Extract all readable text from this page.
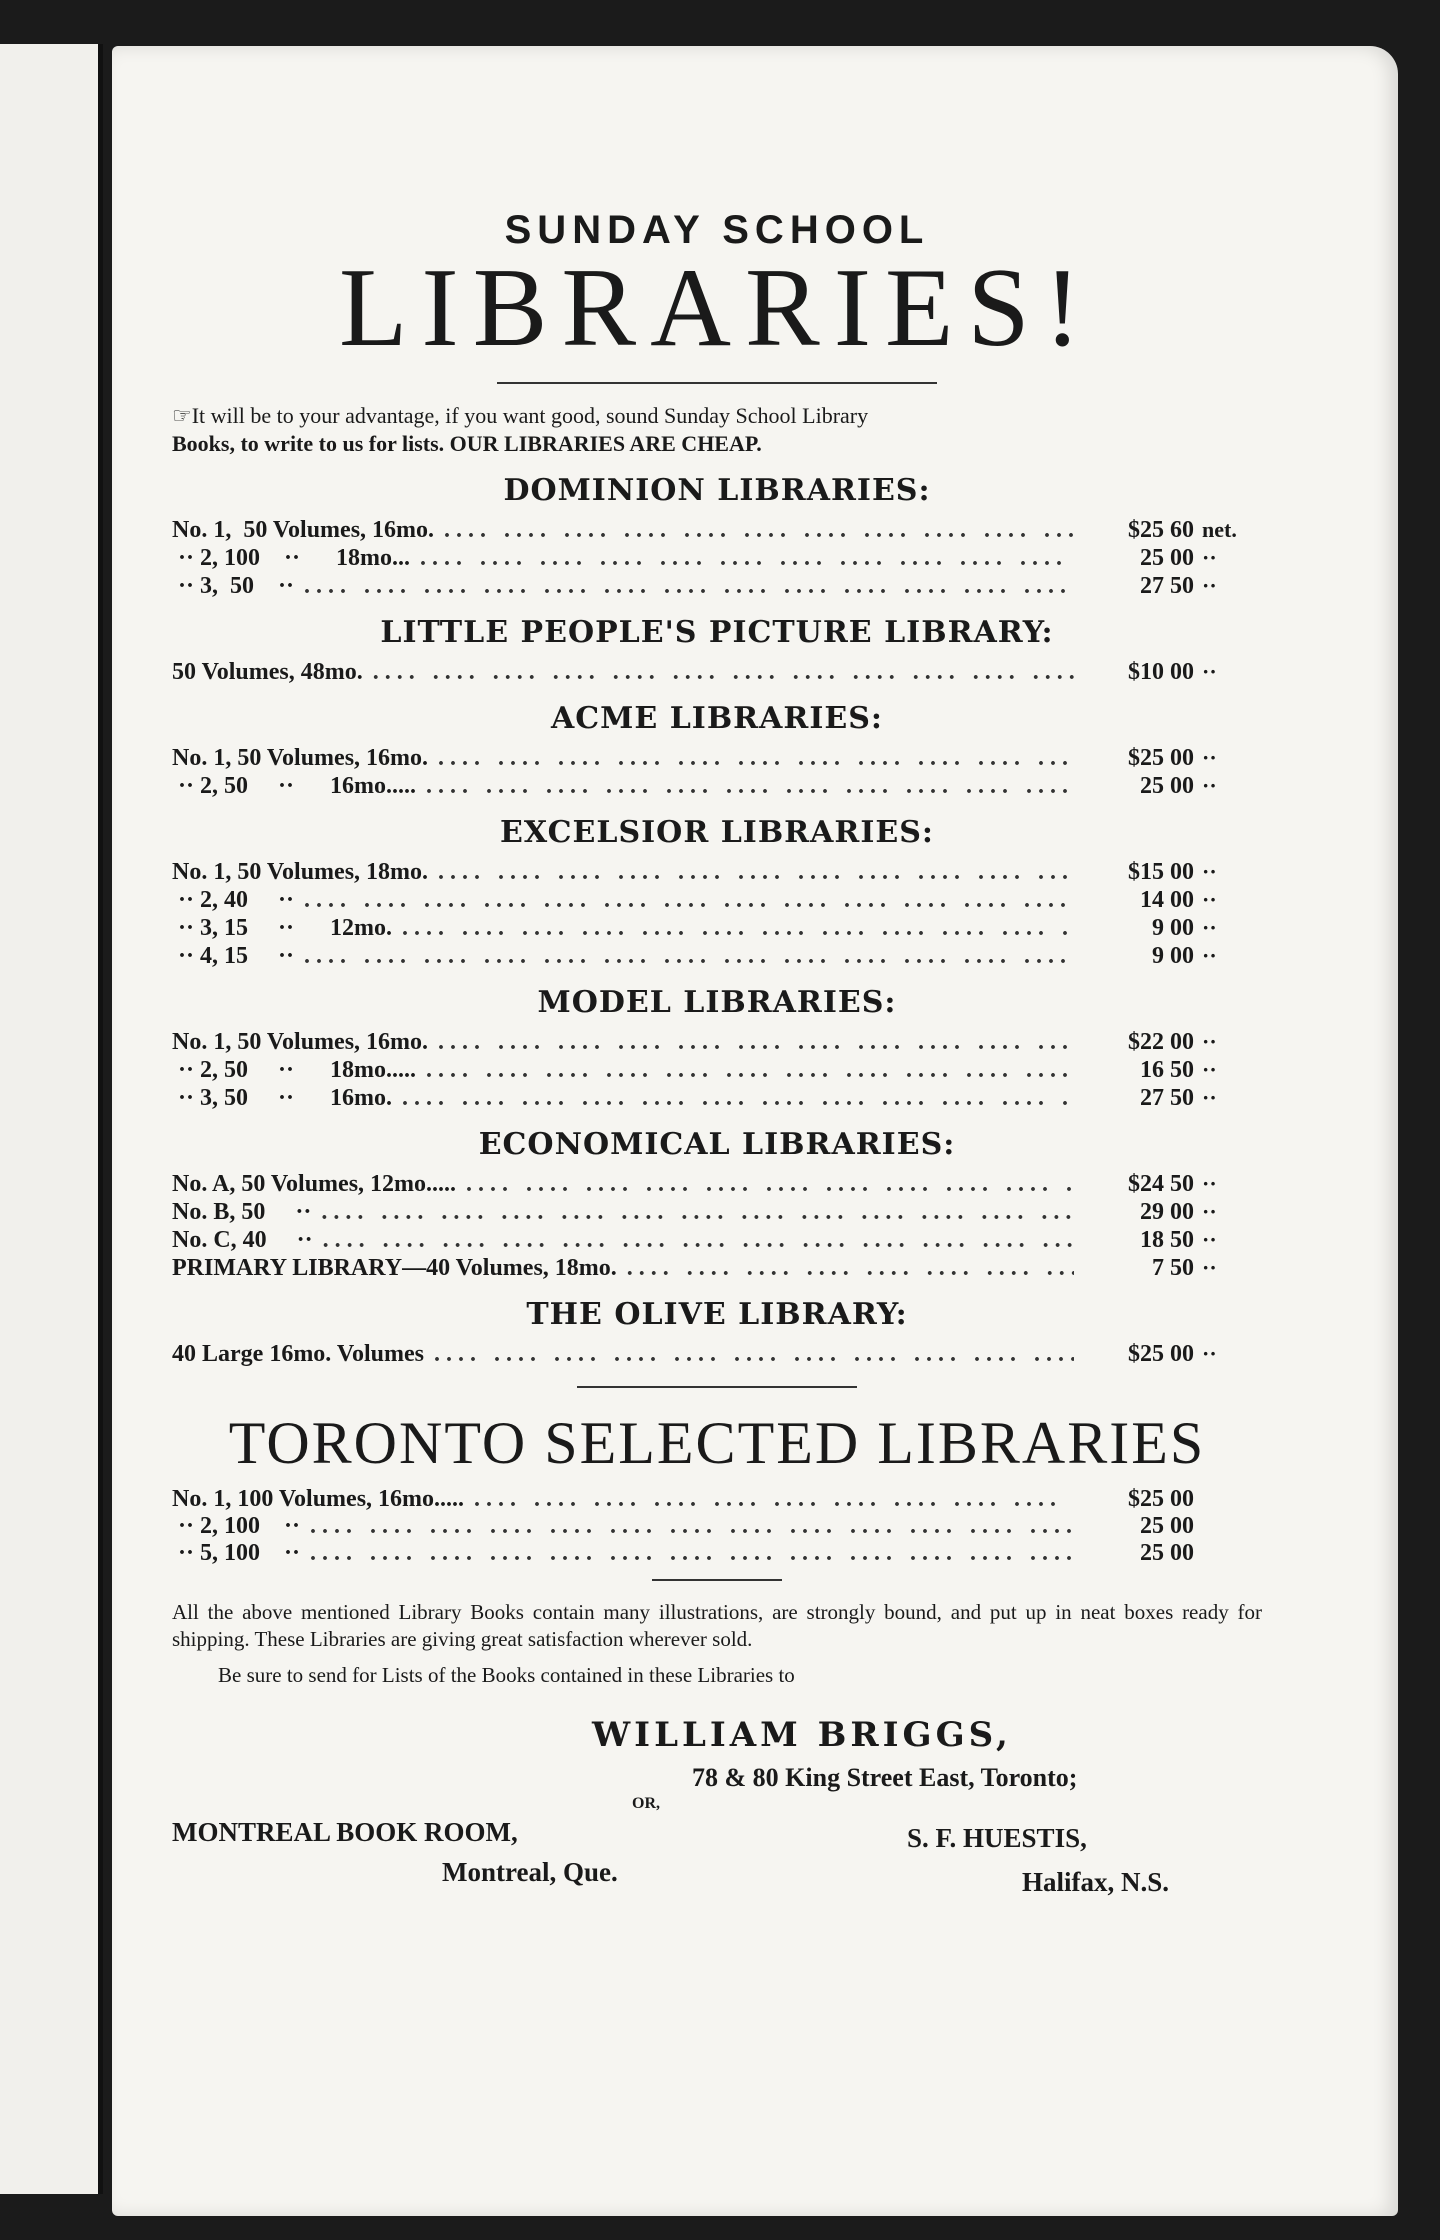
SUNDAY SCHOOL

LIBRARIES!
☞It will be to your advantage, if you want good, sound Sunday School Library
Books, to write to us for lists. OUR LIBRARIES ARE CHEAP.
DOMINION LIBRARIES:
No. 1,  50 Volumes, 16mo. ....	$25 60 net.
·· 2, 100    ··      18mo... ....	25 00 ··
·· 3,  50    ·· ....	27 50 ··
LITTLE PEOPLE'S PICTURE LIBRARY:
50 Volumes, 48mo. ....	$10 00 ··
ACME LIBRARIES:
No. 1, 50 Volumes, 16mo. ....	$25 00 ··
·· 2, 50     ··      16mo..... ....	25 00 ··
EXCELSIOR LIBRARIES:
No. 1, 50 Volumes, 18mo. ....	$15 00 ··
·· 2, 40     ·· ....	14 00 ··
·· 3, 15     ··      12mo. ....	9 00 ··
·· 4, 15     ·· ....	9 00 ··
MODEL LIBRARIES:
No. 1, 50 Volumes, 16mo. ....	$22 00 ··
·· 2, 50     ··      18mo..... ....	16 50 ··
·· 3, 50     ··      16mo. ....	27 50 ··
ECONOMICAL LIBRARIES:
No. A, 50 Volumes, 12mo..... ....	$24 50 ··
No. B, 50     ·· ....	29 00 ··
No. C, 40     ·· ....	18 50 ··
PRIMARY LIBRARY—40 Volumes, 18mo. ....	7 50 ··
THE OLIVE LIBRARY:
40 Large 16mo. Volumes ....	$25 00 ··
TORONTO SELECTED LIBRARIES
No. 1, 100 Volumes, 16mo..... ....	$25 00
·· 2, 100    ·· ....	25 00
·· 5, 100    ·· ....	25 00
All the above mentioned Library Books contain many illustrations, are strongly bound, and put up in neat boxes ready for shipping. These Libraries are giving great satisfaction wherever sold.
Be sure to send for Lists of the Books contained in these Libraries to
WILLIAM BRIGGS,
78 & 80 King Street East, Toronto;
OR,
MONTREAL BOOK ROOM,
Montreal, Que.
S. F. HUESTIS,
Halifax, N.S.
